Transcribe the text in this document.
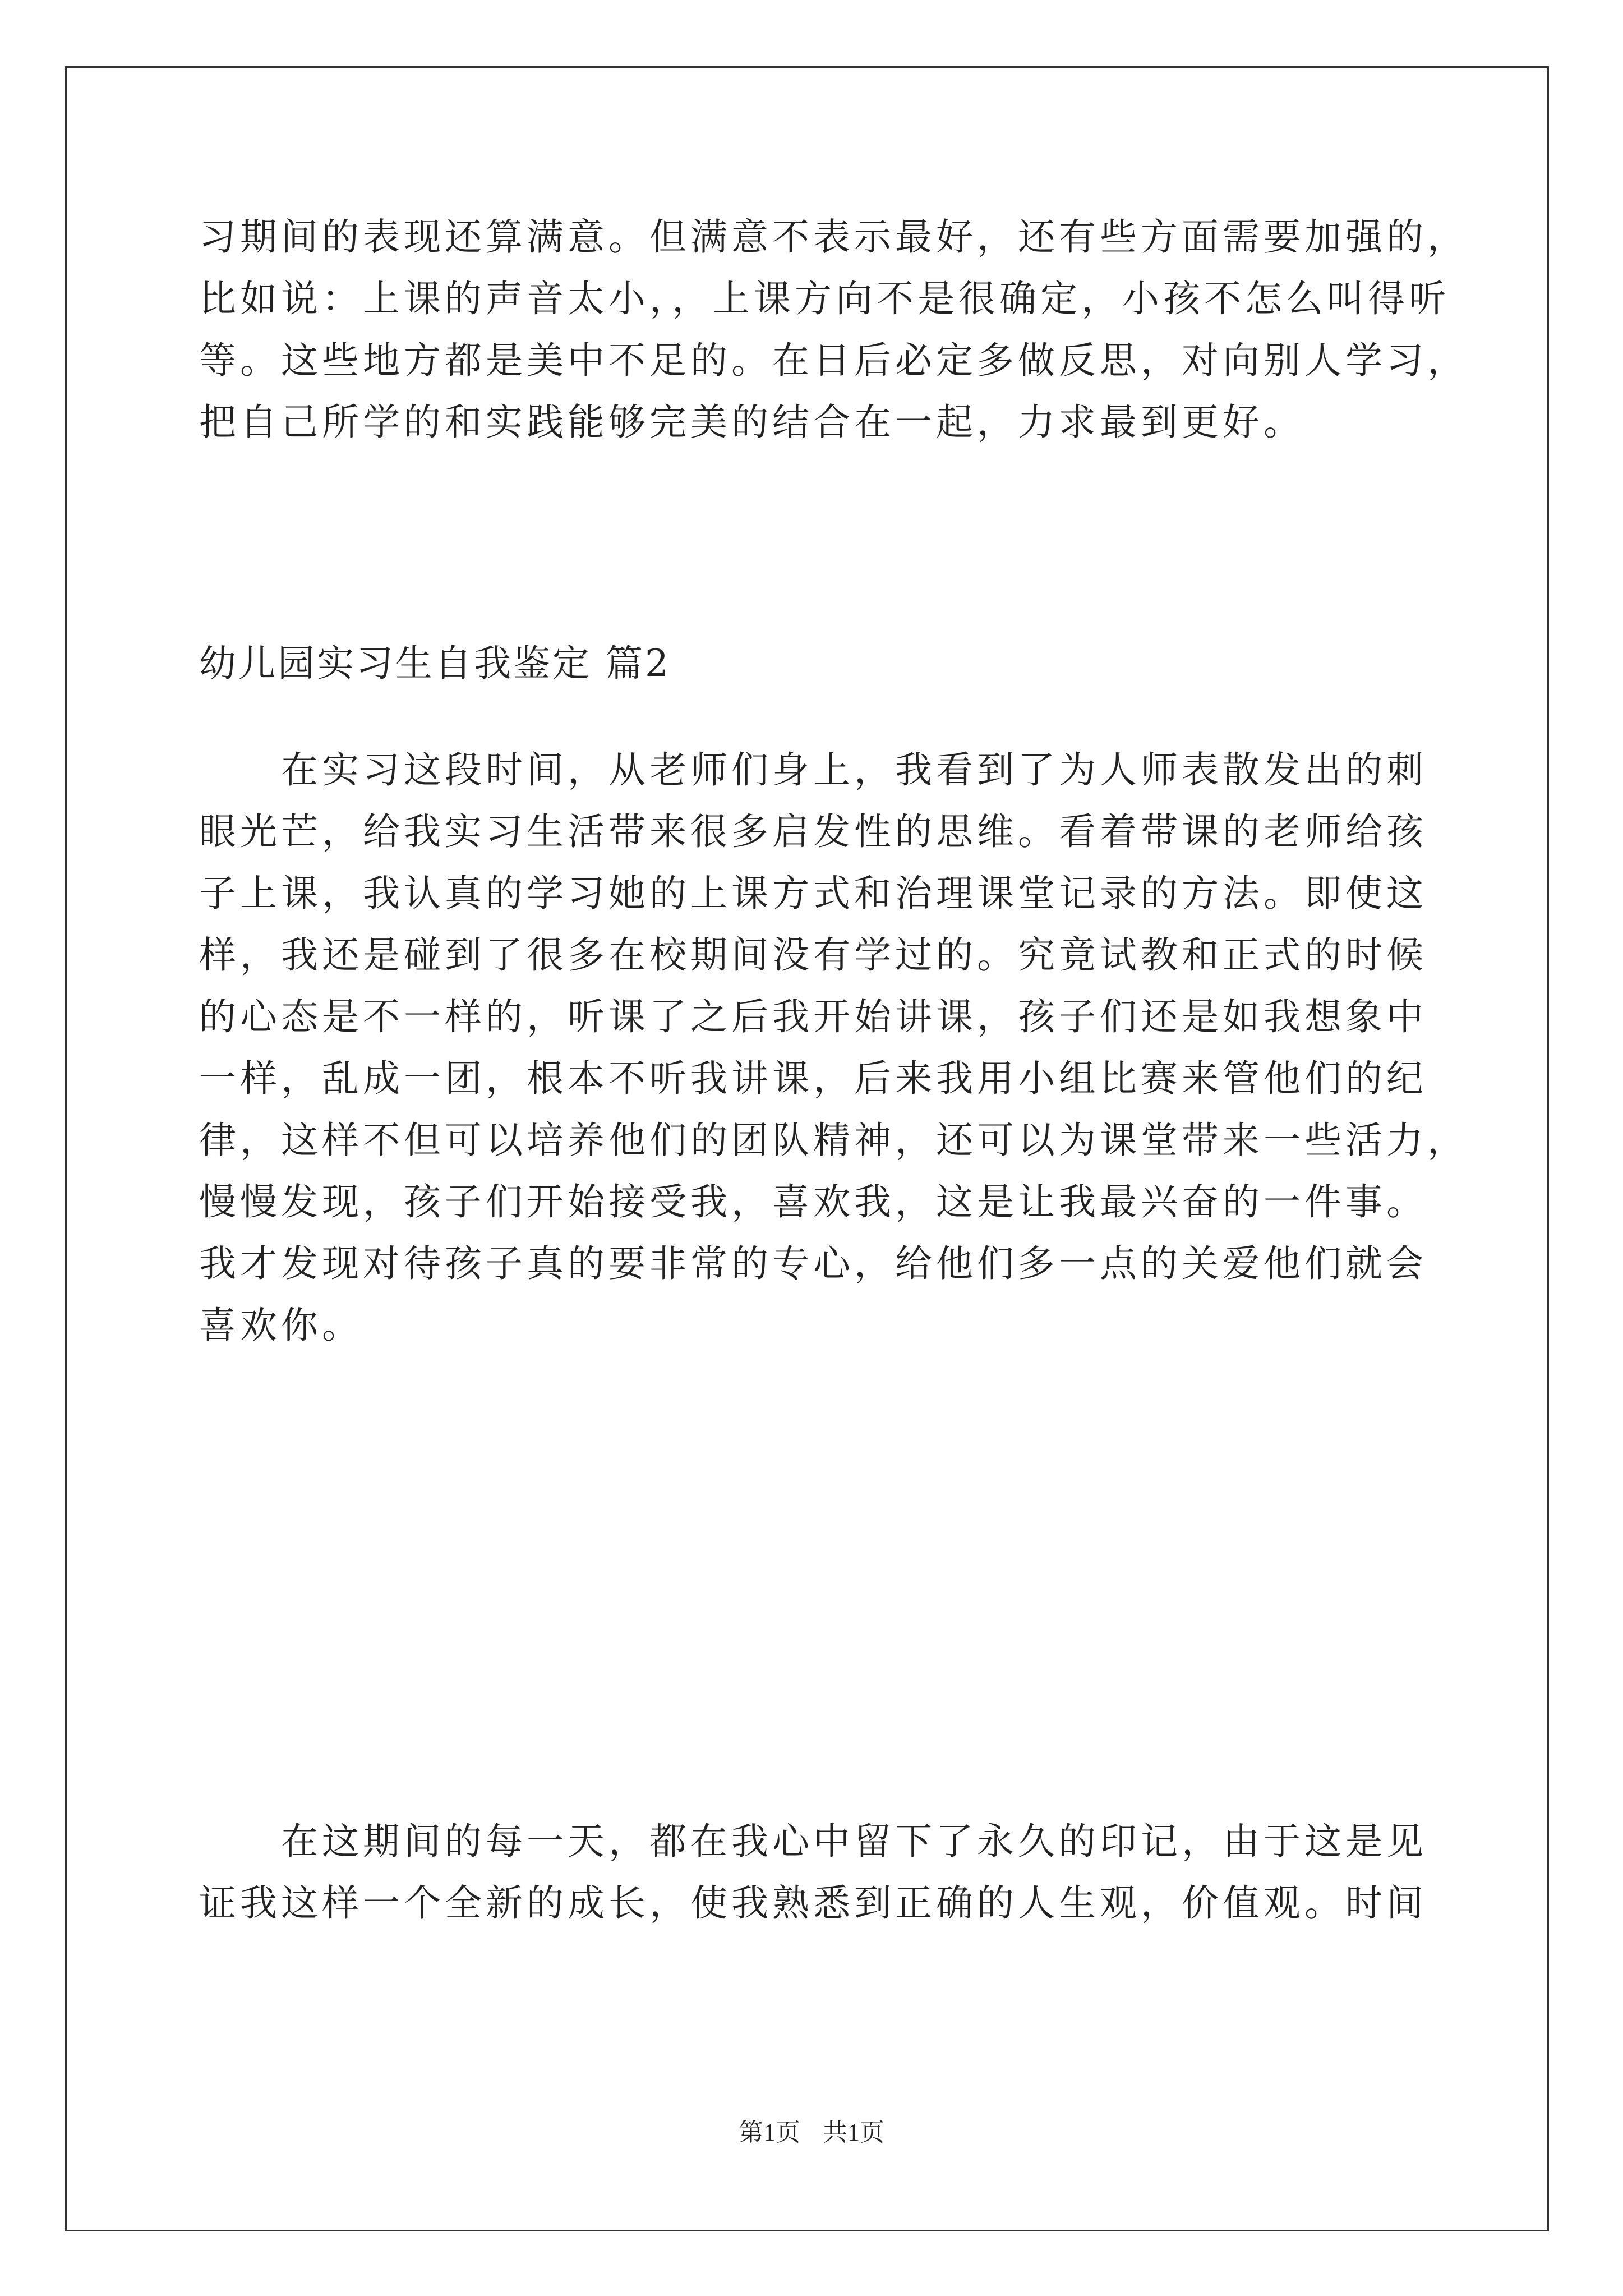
习期间的表现还算满意。但满意不表示最好，还有些方面需要加强的，
比如说：上课的声音太小，，上课方向不是很确定，小孩不怎么叫得听
等。这些地方都是美中不足的。在日后必定多做反思，对向别人学习，
把自己所学的和实践能够完美的结合在一起，力求最到更好。
幼儿园实习生自我鉴定 篇2
　　在实习这段时间，从老师们身上，我看到了为人师表散发出的刺
眼光芒，给我实习生活带来很多启发性的思维。看着带课的老师给孩
子上课，我认真的学习她的上课方式和治理课堂记录的方法。即使这
样，我还是碰到了很多在校期间没有学过的。究竟试教和正式的时候
的心态是不一样的，听课了之后我开始讲课，孩子们还是如我想象中
一样，乱成一团，根本不听我讲课，后来我用小组比赛来管他们的纪
律，这样不但可以培养他们的团队精神，还可以为课堂带来一些活力，
慢慢发现，孩子们开始接受我，喜欢我，这是让我最兴奋的一件事。
我才发现对待孩子真的要非常的专心，给他们多一点的关爱他们就会
喜欢你。
　　在这期间的每一天，都在我心中留下了永久的印记，由于这是见
证我这样一个全新的成长，使我熟悉到正确的人生观，价值观。时间
第1页 共1页
